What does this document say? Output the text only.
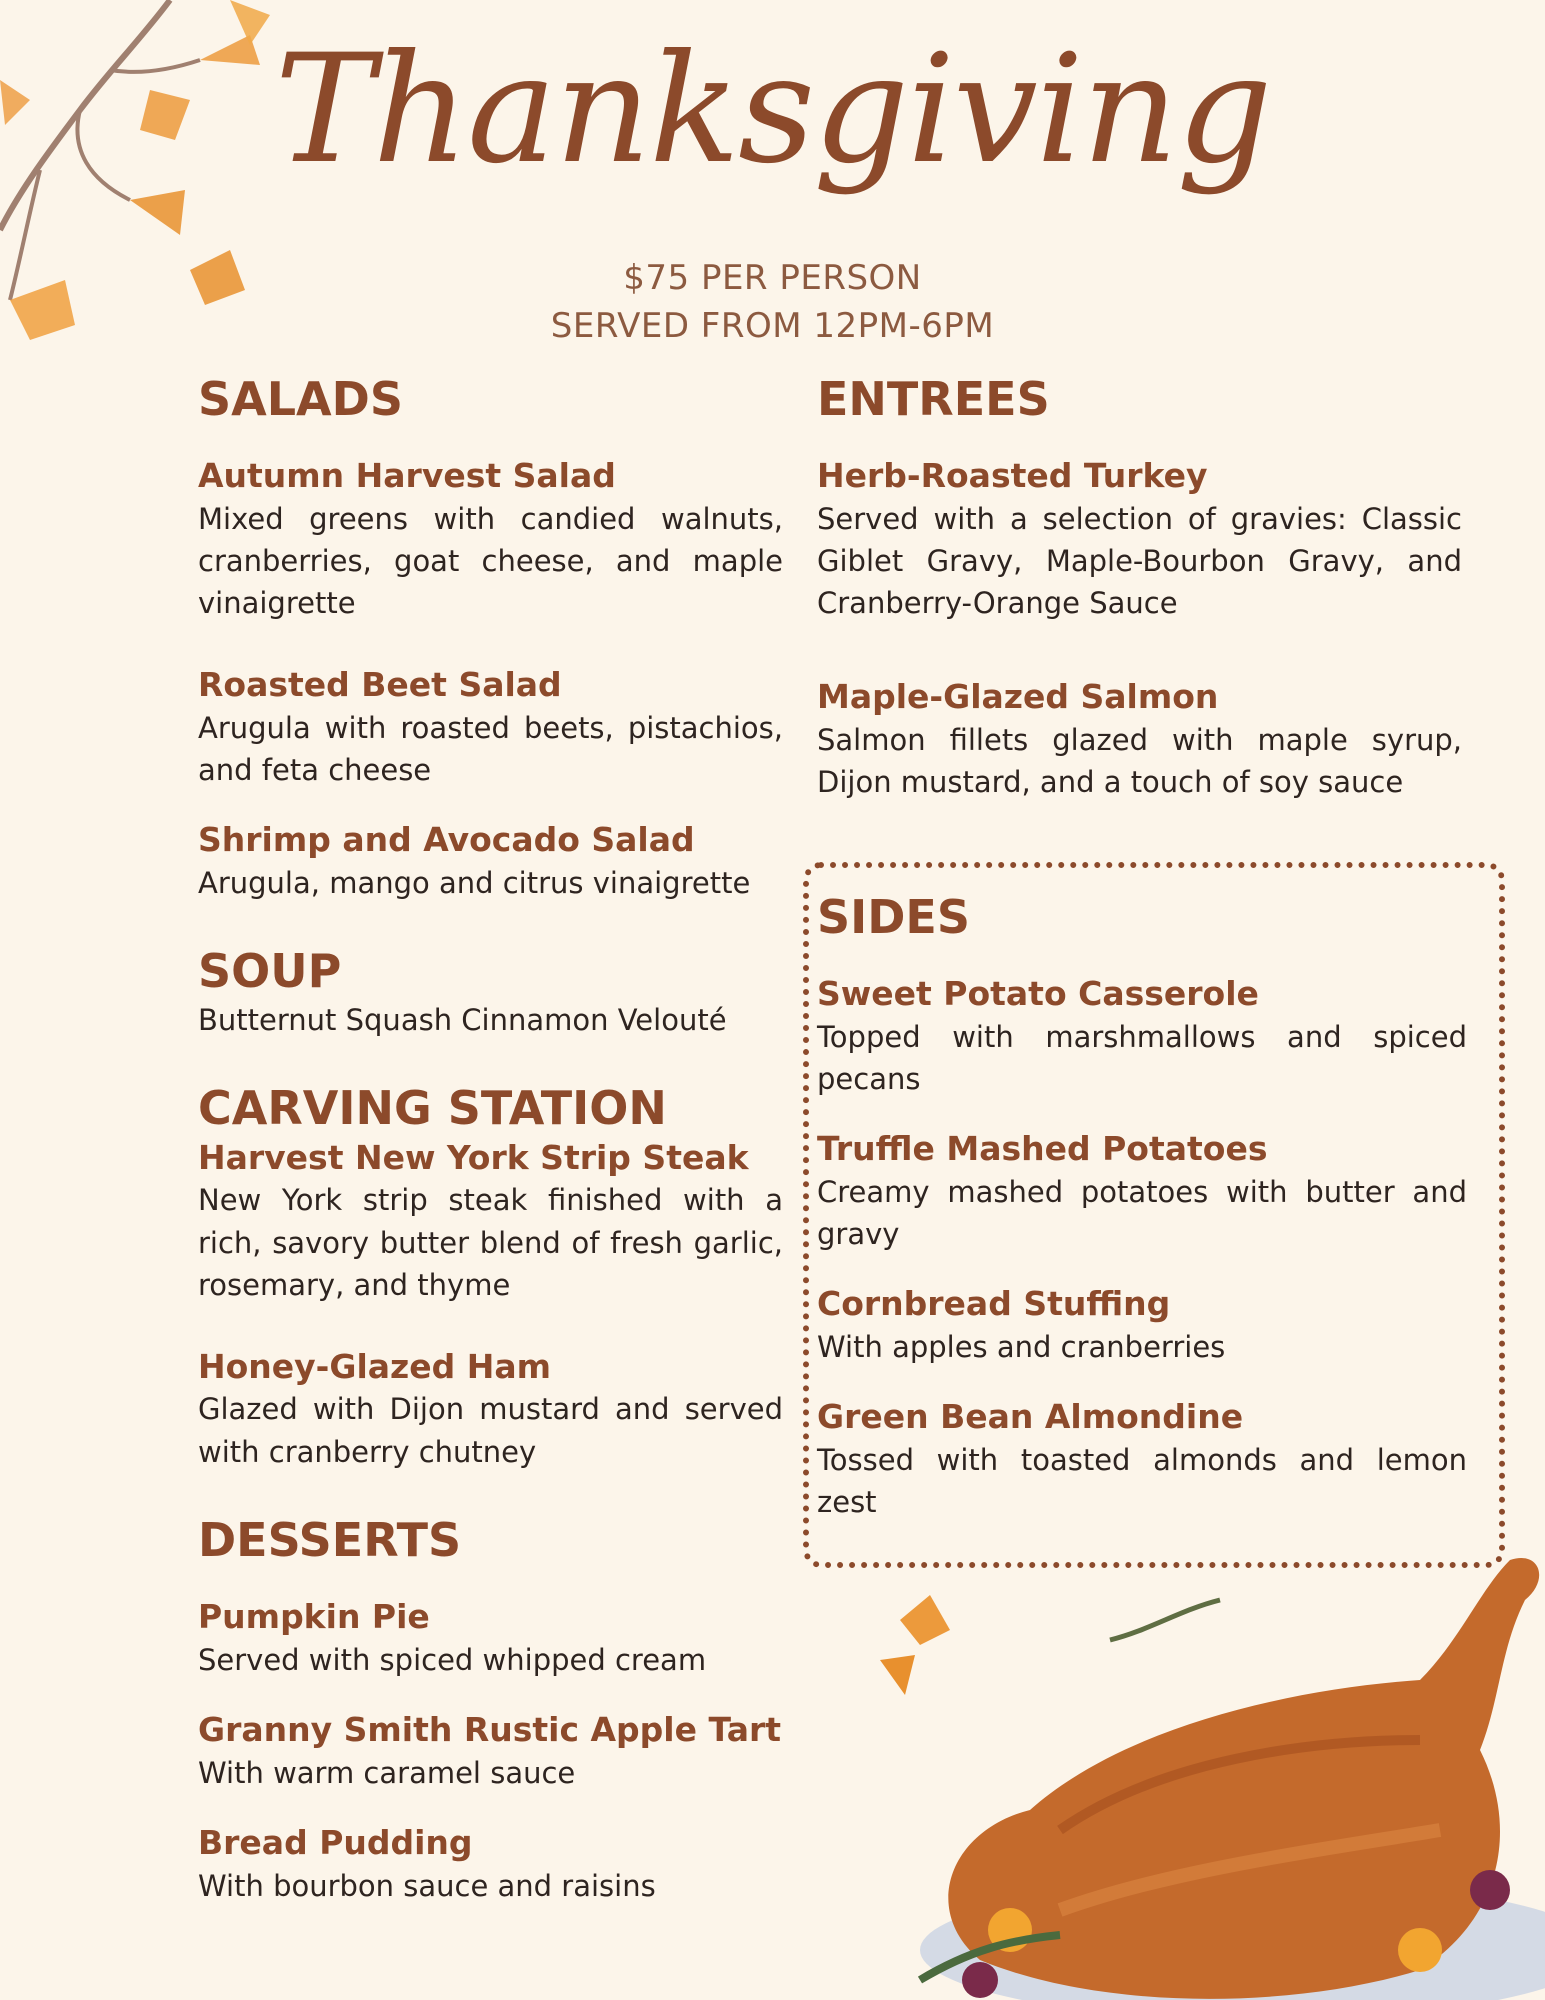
Thanksgiving
$75 PER PERSON
SERVED FROM 12PM-6PM
SALADS

Autumn Harvest Salad

Mixed greens with candied walnuts, cranberries, goat cheese, and maple vinaigrette

Roasted Beet Salad

Arugula with roasted beets, pistachios, and feta cheese

Shrimp and Avocado Salad

Arugula, mango and citrus vinaigrette

SOUP

Butternut Squash Cinnamon Velouté

CARVING STATION

Harvest New York Strip Steak

New York strip steak finished with a rich, savory butter blend of fresh garlic, rosemary, and thyme

Honey-Glazed Ham

Glazed with Dijon mustard and served with cranberry chutney

DESSERTS

Pumpkin Pie

Served with spiced whipped cream

Granny Smith Rustic Apple Tart

With warm caramel sauce

Bread Pudding

With bourbon sauce and raisins

ENTREES

Herb-Roasted Turkey

Served with a selection of gravies: Classic Giblet Gravy, Maple-Bourbon Gravy, and Cranberry-Orange Sauce

Maple-Glazed Salmon

Salmon fillets glazed with maple syrup, Dijon mustard, and a touch of soy sauce

SIDES

Sweet Potato Casserole

Topped with marshmallows and spiced pecans

Truffle Mashed Potatoes

Creamy mashed potatoes with butter and gravy

Cornbread Stuffing

With apples and cranberries

Green Bean Almondine

Tossed with toasted almonds and lemon zest
